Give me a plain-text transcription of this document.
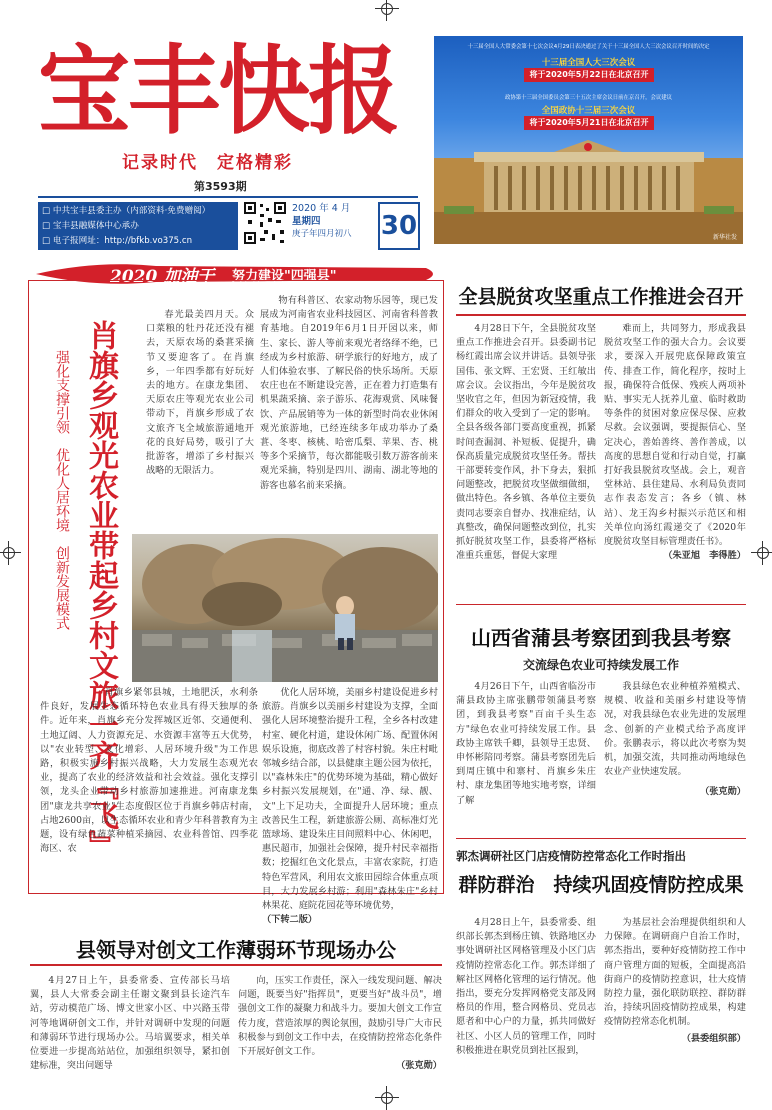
宝丰快报
记录时代　定格精彩
第3593期
□ 中共宝丰县委主办（内部资料·免费赠阅）
□ 宝丰县融媒体中心承办
□ 电子报网址：http://bfkb.vo375.cn
2020 年 4 月
星期四
庚子年四月初八	30
十三届全国人大常委会第十七次会议4月29日表决通过了关于十三届全国人大三次会议召开时间的决定
十三届全国人大三次会议
将于2020年5月22日在北京召开
政协第十三届全国委员会第三十五次主席会议日前在京召开，会议建议
全国政协十三届三次会议
将于2020年5月21日在北京召开
新华社发
2020 加油干 努力建设"四强县"
肖旗乡观光农业带起乡村文旅一齐『飞』
强化支撑引领　优化人居环境　创新发展模式

春光最美四月天。众口菜粮的牡丹花还没有褪去，天原农场的桑葚采摘节又要迎客了。在肖旗乡，一年四季都有好玩好去的地方。在康龙集团、天原农庄等观光农业公司带动下，肖旗乡形成了农文旅齐飞全域旅游通地开花的良好局势，吸引了大批游客，增添了乡村振兴战略的无限活力。

物有科普区、农家动物乐园等，现已发展成为河南省农业科技园区、河南省科普教育基地。自2019年6月1日开园以来，师生、家长、游人等前来观光者络绎不绝，已经成为乡村旅游、研学旅行的好地方，成了人们体验农事、了解民俗的快乐场所。天原农庄也在不断建设完善，正在着力打造集有机果蔬采摘、亲子游乐、花海观赏、风味餐饮、产品展销等为一体的新型时尚农业休闲观光旅游地，已经连续多年成功举办了桑葚、冬枣、核桃、哈密瓜梨、苹果、杏、桃等多个采摘节，每次都能吸引数万游客前来观光采摘，特别是四川、湖南、湖北等地的游客也慕名前来采摘。

肖旗乡紧邻县城，土地肥沃，水利条件良好，发展生态循环特色农业具有得天独厚的条件。近年来，肖旗乡充分发挥城区近邻、交通便利、土地辽阔、人力资源充足、水资源丰富等五大优势，以"农业转型、文化增彩、人居环境升级"为工作思路，积极实施乡村振兴战略，大力发展生态观光农业，提高了农业的经济效益和社会效益。强化支撑引领，龙头企业带动乡村旅游加速推进。河南康龙集团"康龙共享农业"生态度假区位于肖旗乡韩店村南，占地2600亩，以生态循环农业和青少年科普教育为主题，设有绿色蔬菜种植采摘园、农业科普馆、四季花海区、农

优化人居环境，美丽乡村建设促进乡村旅游。肖旗乡以美丽乡村建设为支撑，全面强化人居环境整治提升工程，全乡各村改建村室、硬化村道，建设休闲广场、配置休闲娱乐设施，彻底改善了村容村貌。朱庄村毗邻城乡结合部，以县健康主题公园为依托，以"森林朱庄"的优势环境为基础，精心做好乡村振兴发展规划，在"通、净、绿、靓、文"上下足功夫，全面提升人居环境；重点改善民生工程，新建旅游公厕、高标准灯光篮球场、建设朱庄目间照料中心、休闲吧，惠民超市，加强社会保障，提升村民幸福指数；挖掘红色文化景点，丰富农家院，打造特色军营风，利用农文旅田园综合体重点项目，大力发展乡村游；利用"森林朱庄"乡村林果花、庭院花园花等环境优势，

（下转二版）
全县脱贫攻坚重点工作推进会召开

4月28日下午，全县脱贫攻坚重点工作推进会召开。县委副书记杨红霞出席会议并讲话。县领导张国伟、张文辉、王宏贤、王红敏出席会议。会议指出，今年是脱贫攻坚收官之年，但因为新冠疫情，我们群众的收入受到了一定的影响。全县各级各部门要高度重视，抓紧时间查漏洞、补短板、促提升，确保高质量完成脱贫攻坚任务。帮扶干部要转变作风，扑下身去，狠抓问题整改，把脱贫攻坚做细做细，做出特色。各乡镇、各单位主要负责同志要亲自督办、找准症结，认真整改，确保问题整改到位，扎实抓好脱贫攻坚工作，县委将严格标准重兵重惩，督促大家理

难而上，共同努力，形成我县脱贫攻坚工作的强大合力。会议要求，要深入开展兜底保障政策宣传、排查工作，简化程序，按时上报，确保符合低保、残疾人两项补贴、事实无人抚养儿童、临时救助等条件的贫困对象应保尽保、应救尽救。会议强调，要提振信心、坚定决心，善始善终、善作善成，以高度的思想自觉和行动自觉，打赢打好我县脱贫攻坚战。会上，观音堂林站、县住建局、水利局负责同志作表态发言；各乡（镇、林站）、龙王沟乡村振兴示范区和相关单位向汤红霞递交了《2020年度脱贫攻坚目标管理责任书》。

（朱亚旭　李得胜）
山西省蒲县考察团到我县考察
交流绿色农业可持续发展工作

4月26日下午，山西省临汾市蒲县政协主席张鹏带领蒲县考察团，到我县考察"百亩千头生态方"绿色农业可持续发展工作。县政协主席铁千卿，县领导王忠贤、申怀彬陪同考察。蒲县考察团先后到周庄镇中和寨村、肖旗乡朱庄村、康龙集团等地实地考察，详细了解

我县绿色农业种植养殖模式、规模、收益和美丽乡村建设等情况，对我县绿色农业先进的发展理念、创新的产业模式给予高度评价。张鹏表示，将以此次考察为契机，加强交流，共同推动两地绿色农业产业快速发展。

（张克勋）
郭杰调研社区门店疫情防控常态化工作时指出
群防群治　持续巩固疫情防控成果

4月28日上午，县委常委、组织部长郭杰到杨庄镇、铁路地区办事处调研社区网格管理及小区门店疫情防控常态化工作。郭杰详细了解社区网格化管理的运行情况。他指出，要充分发挥网格党支部及网格员的作用，整合网格员、党员志愿者和中心户的力量，抓共同做好社区、小区人员的管理工作，同时积极推进在职党员到社区报到，

为基层社会治理提供组织和人力保障。在调研商户自治工作时，郭杰指出，要种好疫情防控工作中商户管理方面的短板，全面提高沿街商户的疫情防控意识，壮大疫情防控力量，强化联防联控、群防群治，持续巩固疫情防控成果，构建疫情防控常态化机制。

（县委组织部）
县领导对创文工作薄弱环节现场办公

4月27日上午，县委常委、宣传部长马培翼，县人大常委会副主任谢文聚到县长途汽车站，劳动模范广场、博文世家小区、中兴路玉带河等地调研创文工作，并针对调研中发现的问题和薄弱环节进行现场办公。马培翼要求，相关单位要进一步提高站站位，加强组织领导，紧扣创建标准，突出问题导

向，压实工作责任，深入一线发现问题、解决问题，既要当好"指挥员"，更要当好"战斗员"，增强创文工作的凝聚力和战斗力。要加大创文工作宣传力度，营造浓厚的舆论氛围，鼓励引导广大市民积极参与到创文工作中去，在疫情防控常态化条件下开展好创文工作。

（张克勋）
